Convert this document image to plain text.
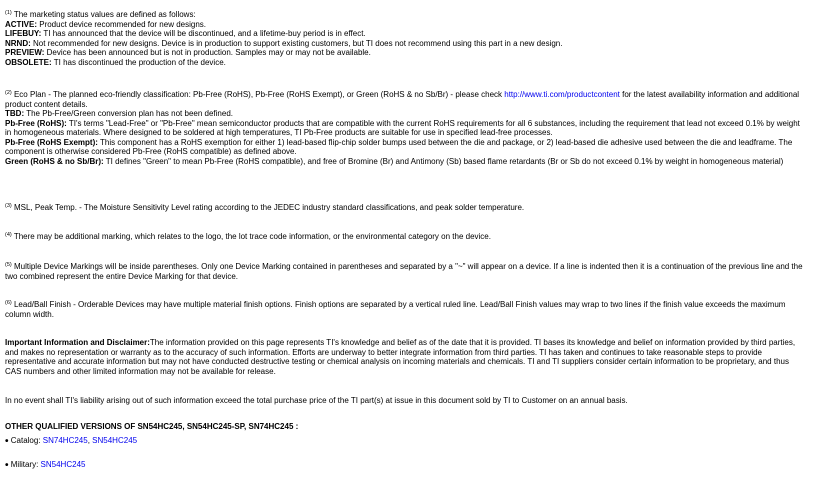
$^{(1)}$ The marketing status values are defined as follows:

ACTIVE: Product device recommended for new designs.

LIFEBUY: TI has announced that the device will be discontinued, and a lifetime-buy period is in effect.

NRND: Not recommended for new designs. Device is in production to support existing customers, but TI does not recommend using this part in a new design.

PREVIEW: Device has been announced but is not in production. Samples may or may not be available.

OBSOLETE: TI has discontinued the production of the device.

$^{(2)}$ Eco Plan - The planned eco-friendly classification: Pb-Free (RoHS), Pb-Free (RoHS Exempt), or Green (RoHS & no Sb/Br) - please check http://www.ti.com/productcontent for the latest availability information and additional product content details.

TBD: The Pb-Free/Green conversion plan has not been defined.

Pb-Free (RoHS): TI's terms "Lead-Free" or "Pb-Free" mean semiconductor products that are compatible with the current RoHS requirements for all 6 substances, including the requirement that lead not exceed 0.1% by weight in homogeneous materials. Where designed to be soldered at high temperatures, TI Pb-Free products are suitable for use in specified lead-free processes.

Pb-Free (RoHS Exempt): This component has a RoHS exemption for either 1) lead-based flip-chip solder bumps used between the die and package, or 2) lead-based die adhesive used between the die and leadframe. The component is otherwise considered Pb-Free (RoHS compatible) as defined above.

Green (RoHS & no Sb/Br): TI defines "Green" to mean Pb-Free (RoHS compatible), and free of Bromine (Br) and Antimony (Sb) based flame retardants (Br or Sb do not exceed 0.1% by weight in homogeneous material)

$^{(3)}$ MSL, Peak Temp. - The Moisture Sensitivity Level rating according to the JEDEC industry standard classifications, and peak solder temperature.

$^{(4)}$ There may be additional marking, which relates to the logo, the lot trace code information, or the environmental category on the device.

$^{(5)}$ Multiple Device Markings will be inside parentheses. Only one Device Marking contained in parentheses and separated by a "~" will appear on a device. If a line is indented then it is a continuation of the previous line and the two combined represent the entire Device Marking for that device.

$^{(6)}$ Lead/Ball Finish - Orderable Devices may have multiple material finish options. Finish options are separated by a vertical ruled line. Lead/Ball Finish values may wrap to two lines if the finish value exceeds the maximum column width.

Important Information and Disclaimer:The information provided on this page represents TI's knowledge and belief as of the date that it is provided. TI bases its knowledge and belief on information provided by third parties, and makes no representation or warranty as to the accuracy of such information. Efforts are underway to better integrate information from third parties. TI has taken and continues to take reasonable steps to provide representative and accurate information but may not have conducted destructive testing or chemical analysis on incoming materials and chemicals. TI and TI suppliers consider certain information to be proprietary, and thus CAS numbers and other limited information may not be available for release.

In no event shall TI's liability arising out of such information exceed the total purchase price of the TI part(s) at issue in this document sold by TI to Customer on an annual basis.

OTHER QUALIFIED VERSIONS OF SN54HC245, SN54HC245-SP, SN74HC245 :

• Catalog: SN74HC245, SN54HC245

• Military: SN54HC245
